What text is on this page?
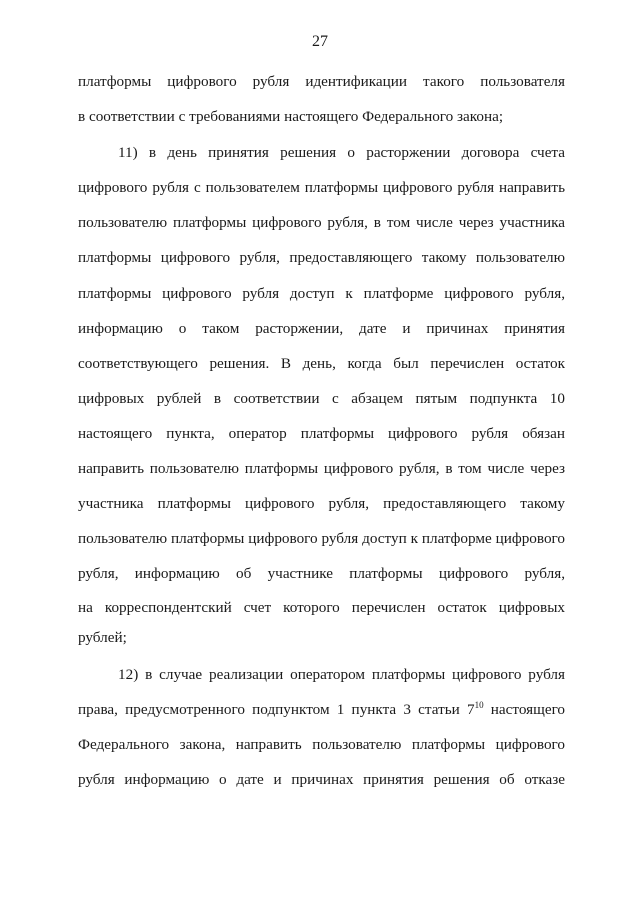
27
платформы цифрового рубля идентификации такого пользователя
в соответствии с требованиями настоящего Федерального закона;
11) в день принятия решения о расторжении договора счета
цифрового рубля с пользователем платформы цифрового рубля направить
пользователю платформы цифрового рубля, в том числе через участника
платформы цифрового рубля, предоставляющего такому пользователю
платформы цифрового рубля доступ к платформе цифрового рубля,
информацию о таком расторжении, дате и причинах принятия
соответствующего решения. В день, когда был перечислен остаток
цифровых рублей в соответствии с абзацем пятым подпункта 10
настоящего пункта, оператор платформы цифрового рубля обязан
направить пользователю платформы цифрового рубля, в том числе через
участника платформы цифрового рубля, предоставляющего такому
пользователю платформы цифрового рубля доступ к платформе цифрового
рубля, информацию об участнике платформы цифрового рубля,
на корреспондентский счет которого перечислен остаток цифровых
рублей;
12) в случае реализации оператором платформы цифрового рубля
права, предусмотренного подпунктом 1 пункта 3 статьи $7^{10}$ настоящего
Федерального закона, направить пользователю платформы цифрового
рубля информацию о дате и причинах принятия решения об отказе
